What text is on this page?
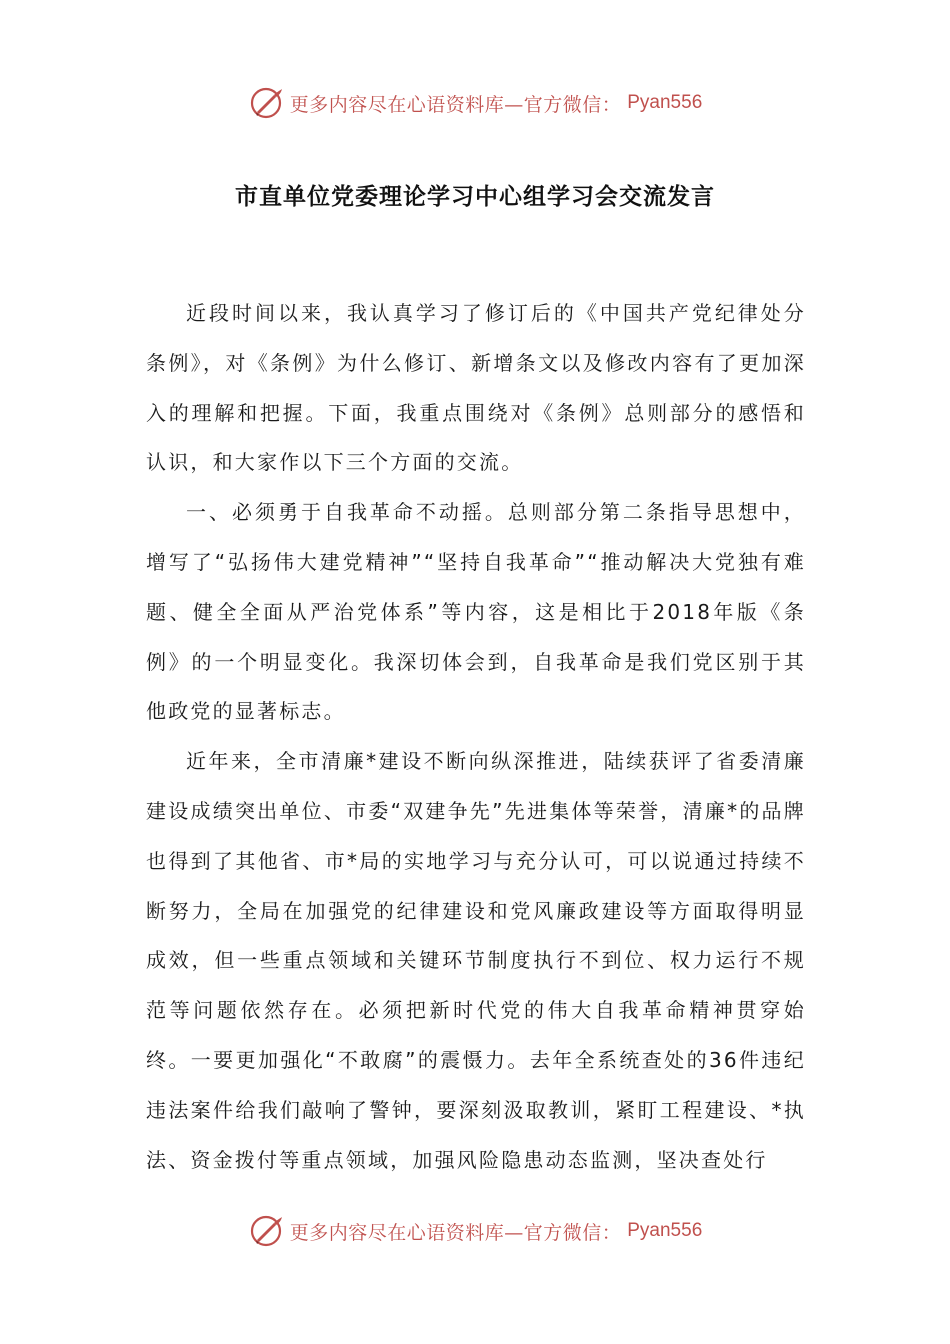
更多内容尽在心语资料库—官方微信： Pyan556
市直单位党委理论学习中心组学习会交流发言

近段时间以来，我认真学习了修订后的《中国共产党纪律处分条例》，对《条例》为什么修订、新增条文以及修改内容有了更加深入的理解和把握。下面，我重点围绕对《条例》总则部分的感悟和认识，和大家作以下三个方面的交流。

一、必须勇于自我革命不动摇。总则部分第二条指导思想中，增写了“弘扬伟大建党精神”“坚持自我革命”“推动解决大党独有难题、健全全面从严治党体系”等内容，这是相比于2018年版《条例》的一个明显变化。我深切体会到，自我革命是我们党区别于其他政党的显著标志。

近年来，全市清廉*建设不断向纵深推进，陆续获评了省委清廉建设成绩突出单位、市委“双建争先”先进集体等荣誉，清廉*的品牌也得到了其他省、市*局的实地学习与充分认可，可以说通过持续不断努力，全局在加强党的纪律建设和党风廉政建设等方面取得明显成效，但一些重点领域和关键环节制度执行不到位、权力运行不规范等问题依然存在。必须把新时代党的伟大自我革命精神贯穿始终。一要更加强化“不敢腐”的震慑力。去年全系统查处的36件违纪违法案件给我们敲响了警钟，要深刻汲取教训，紧盯工程建设、*执法、资金拨付等重点领域，加强风险隐患动态监测，坚决查处行

更多内容尽在心语资料库—官方微信： Pyan556
